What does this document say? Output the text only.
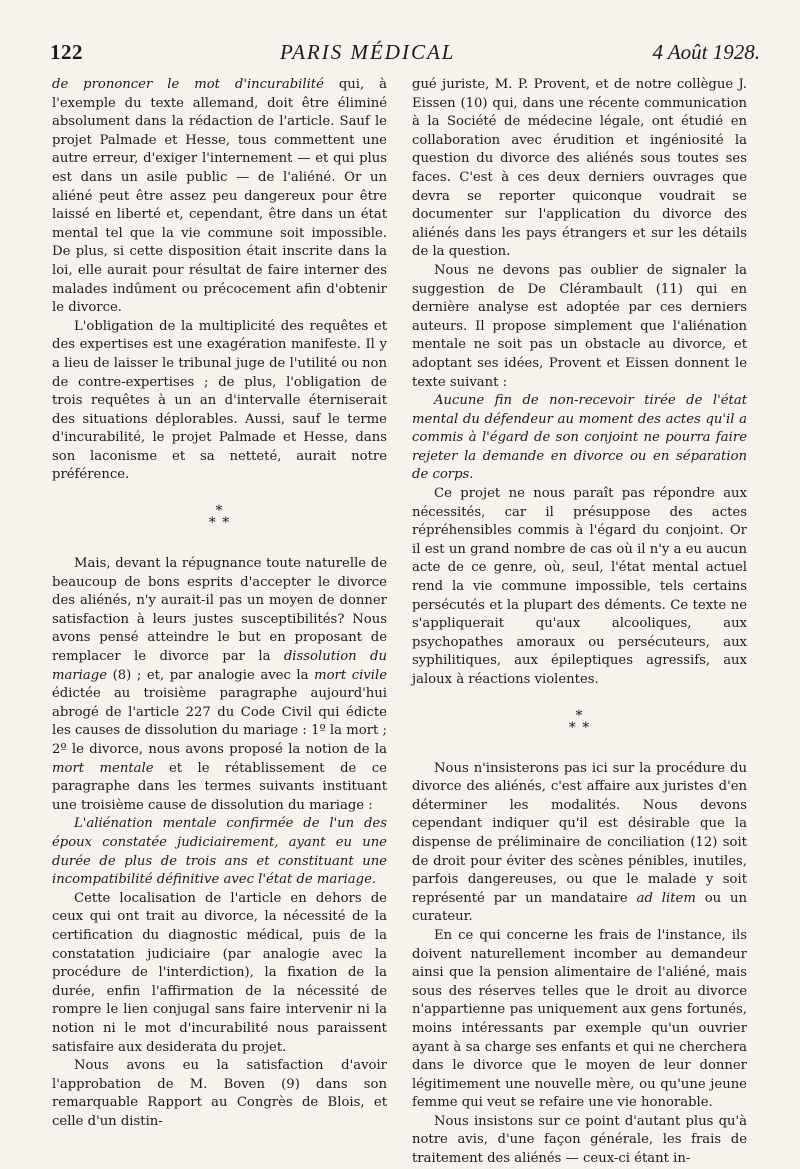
122	PARIS MÉDICAL	4 Août 1928.

de prononcer le mot d'incurabilité qui, à l'exemple du texte allemand, doit être éliminé absolument dans la rédaction de l'article. Sauf le projet Palmade et Hesse, tous commettent une autre erreur, d'exiger l'internement — et qui plus est dans un asile public — de l'aliéné. Or un aliéné peut être assez peu dangereux pour être laissé en liberté et, cependant, être dans un état mental tel que la vie commune soit impossible. De plus, si cette disposition était inscrite dans la loi, elle aurait pour résultat de faire interner des malades indûment ou précocement afin d'obtenir le divorce.

L'obligation de la multiplicité des requêtes et des expertises est une exagération manifeste. Il y a lieu de laisser le tribunal juge de l'utilité ou non de contre-expertises ; de plus, l'obligation de trois requêtes à un an d'intervalle éterniserait des situations déplorables. Aussi, sauf le terme d'incurabilité, le projet Palmade et Hesse, dans son laconisme et sa netteté, aurait notre préférence.

*
* *

Mais, devant la répugnance toute naturelle de beaucoup de bons esprits d'accepter le divorce des aliénés, n'y aurait-il pas un moyen de donner satisfaction à leurs justes susceptibilités? Nous avons pensé atteindre le but en proposant de remplacer le divorce par la dissolution du mariage (8) ; et, par analogie avec la mort civile édictée au troisième paragraphe aujourd'hui abrogé de l'article 227 du Code Civil qui édicte les causes de dissolution du mariage : 1º la mort ; 2º le divorce, nous avons proposé la notion de la mort mentale et le rétablissement de ce paragraphe dans les termes suivants instituant une troisième cause de dissolution du mariage :

L'aliénation mentale confirmée de l'un des époux constatée judiciairement, ayant eu une durée de plus de trois ans et constituant une incompatibilité définitive avec l'état de mariage.

Cette localisation de l'article en dehors de ceux qui ont trait au divorce, la nécessité de la certification du diagnostic médical, puis de la constatation judiciaire (par analogie avec la procédure de l'interdiction), la fixation de la durée, enfin l'affirmation de la nécessité de rompre le lien conjugal sans faire intervenir ni la notion ni le mot d'incurabilité nous paraissent satisfaire aux desiderata du projet.

Nous avons eu la satisfaction d'avoir l'approbation de M. Boven (9) dans son remarquable Rapport au Congrès de Blois, et celle d'un distin-

gué juriste, M. P. Provent, et de notre collègue J. Eissen (10) qui, dans une récente communication à la Société de médecine légale, ont étudié en collaboration avec érudition et ingéniosité la question du divorce des aliénés sous toutes ses faces. C'est à ces deux derniers ouvrages que devra se reporter quiconque voudrait se documenter sur l'application du divorce des aliénés dans les pays étrangers et sur les détails de la question.

Nous ne devons pas oublier de signaler la suggestion de De Clérambault (11) qui en dernière analyse est adoptée par ces derniers auteurs. Il propose simplement que l'aliénation mentale ne soit pas un obstacle au divorce, et adoptant ses idées, Provent et Eissen donnent le texte suivant :

Aucune fin de non-recevoir tirée de l'état mental du défendeur au moment des actes qu'il a commis à l'égard de son conjoint ne pourra faire rejeter la demande en divorce ou en séparation de corps.

Ce projet ne nous paraît pas répondre aux nécessités, car il présuppose des actes répréhensibles commis à l'égard du conjoint. Or il est un grand nombre de cas où il n'y a eu aucun acte de ce genre, où, seul, l'état mental actuel rend la vie commune impossible, tels certains persécutés et la plupart des déments. Ce texte ne s'appliquerait qu'aux alcooliques, aux psychopathes amoraux ou persécuteurs, aux syphilitiques, aux épileptiques agressifs, aux jaloux à réactions violentes.

*
* *

Nous n'insisterons pas ici sur la procédure du divorce des aliénés, c'est affaire aux juristes d'en déterminer les modalités. Nous devons cependant indiquer qu'il est désirable que la dispense de préliminaire de conciliation (12) soit de droit pour éviter des scènes pénibles, inutiles, parfois dangereuses, ou que le malade y soit représenté par un mandataire ad litem ou un curateur.

En ce qui concerne les frais de l'instance, ils doivent naturellement incomber au demandeur ainsi que la pension alimentaire de l'aliéné, mais sous des réserves telles que le droit au divorce n'appartienne pas uniquement aux gens fortunés, moins intéressants par exemple qu'un ouvrier ayant à sa charge ses enfants et qui ne cherchera dans le divorce que le moyen de leur donner légitimement une nouvelle mère, ou qu'une jeune femme qui veut se refaire une vie honorable.

Nous insistons sur ce point d'autant plus qu'à notre avis, d'une façon générale, les frais de traitement des aliénés — ceux-ci étant in-
